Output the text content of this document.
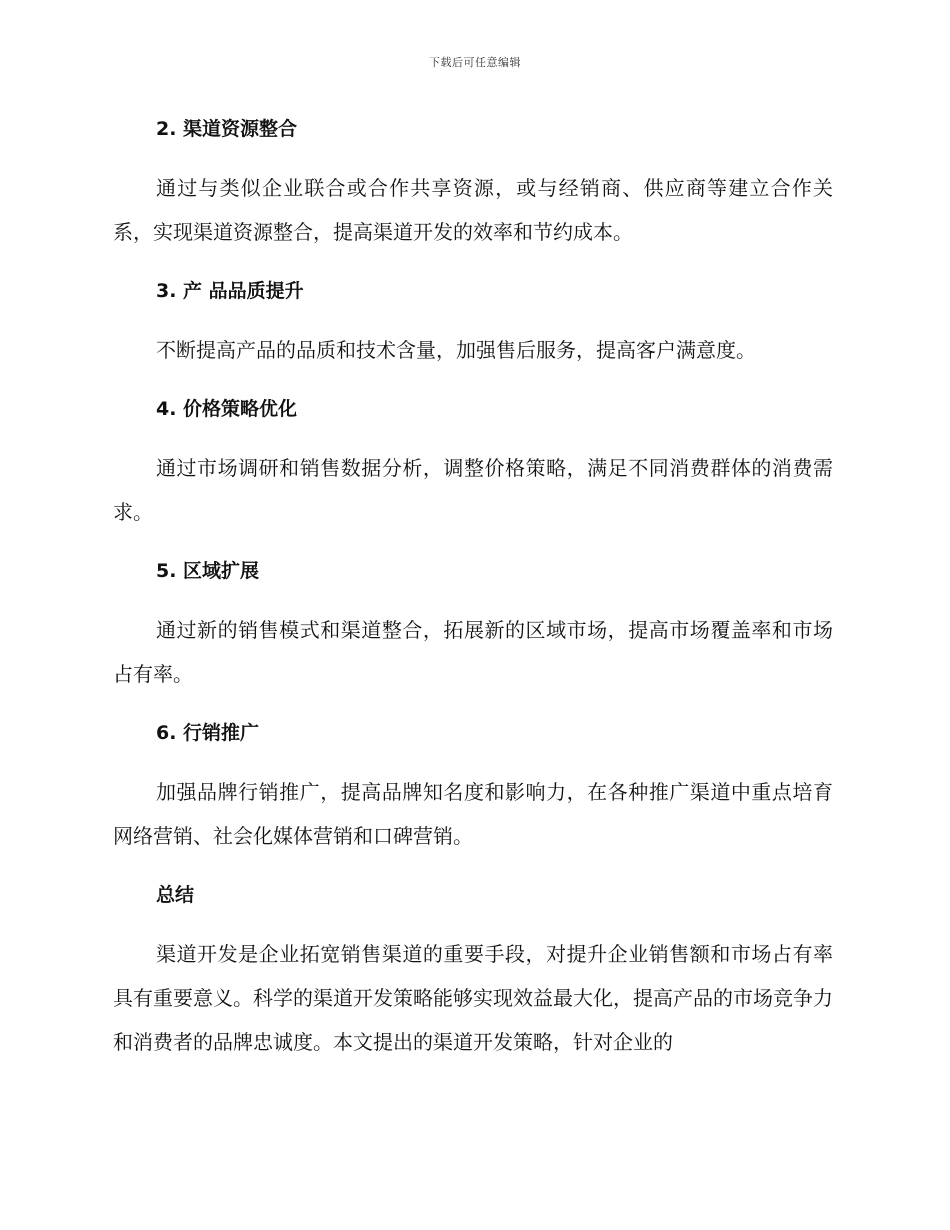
下载后可任意编辑
2. 渠道资源整合

通过与类似企业联合或合作共享资源，或与经销商、供应商等建立合作关系，实现渠道资源整合，提高渠道开发的效率和节约成本。

3. 产 品品质提升

不断提高产品的品质和技术含量，加强售后服务，提高客户满意度。

4. 价格策略优化

通过市场调研和销售数据分析，调整价格策略，满足不同消费群体的消费需求。

5. 区域扩展

通过新的销售模式和渠道整合，拓展新的区域市场，提高市场覆盖率和市场占有率。

6. 行销推广

加强品牌行销推广，提高品牌知名度和影响力，在各种推广渠道中重点培育网络营销、社会化媒体营销和口碑营销。

总结

渠道开发是企业拓宽销售渠道的重要手段，对提升企业销售额和市场占有率具有重要意义。科学的渠道开发策略能够实现效益最大化，提高产品的市场竞争力和消费者的品牌忠诚度。本文提出的渠道开发策略，针对企业的
